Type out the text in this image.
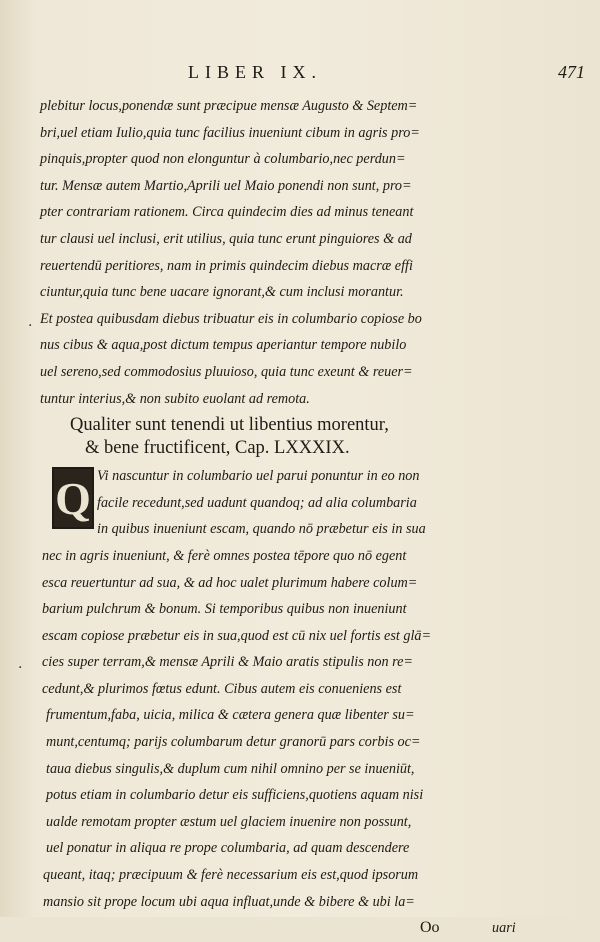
LIBER IX.	471
plebitur locus,ponendæ sunt præcipue mensæ Augusto & Septem=
bri,uel etiam Iulio,quia tunc facilius inueniunt cibum in agris pro=
pinquis,propter quod non elonguntur à columbario,nec perdun=
tur. Mensæ autem Martio,Aprili uel Maio ponendi non sunt, pro=
pter contrariam rationem. Circa quindecim dies ad minus teneant
tur clausi uel inclusi, erit utilius, quia tunc erunt pinguiores & ad
reuertendū peritiores, nam in primis quindecim diebus macræ effi
ciuntur,quia tunc bene uacare ignorant,& cum inclusi morantur.
Et postea quibusdam diebus tribuatur eis in columbario copiose bo
nus cibus & aqua,post dictum tempus aperiantur tempore nubilo
uel sereno,sed commodosius pluuioso, quia tunc exeunt & reuer=
tuntur interius,& non subito euolant ad remota.
Qualiter sunt tenendi ut libentius morentur,
& bene fructificent, Cap. LXXXIX.
Q Vi nascuntur in columbario uel parui ponuntur in eo non
facile recedunt,sed uadunt quandoq; ad alia columbaria
in quibus inueniunt escam, quando nō præbetur eis in sua
nec in agris inueniunt, & ferè omnes postea tēpore quo nō egent
esca reuertuntur ad sua, & ad hoc ualet plurimum habere colum=
barium pulchrum & bonum. Si temporibus quibus non inueniunt
escam copiose præbetur eis in sua,quod est cū nix uel fortis est glā=
cies super terram,& mensæ Aprili & Maio aratis stipulis non re=
cedunt,& plurimos fœtus edunt. Cibus autem eis conueniens est
frumentum,faba, uicia, milica & cætera genera quæ libenter su=
munt,centumq; parijs columbarum detur granorū pars corbis oc=
taua diebus singulis,& duplum cum nihil omnino per se inueniūt,
potus etiam in columbario detur eis sufficiens,quotiens aquam nisi
ualde remotam propter æstum uel glaciem inuenire non possunt,
uel ponatur in aliqua re prope columbaria, ad quam descendere
queant, itaq; præcipuum & ferè necessarium eis est,quod ipsorum
mansio sit prope locum ubi aqua influat,unde & bibere & ubi la=
Oo	uari
·
·
